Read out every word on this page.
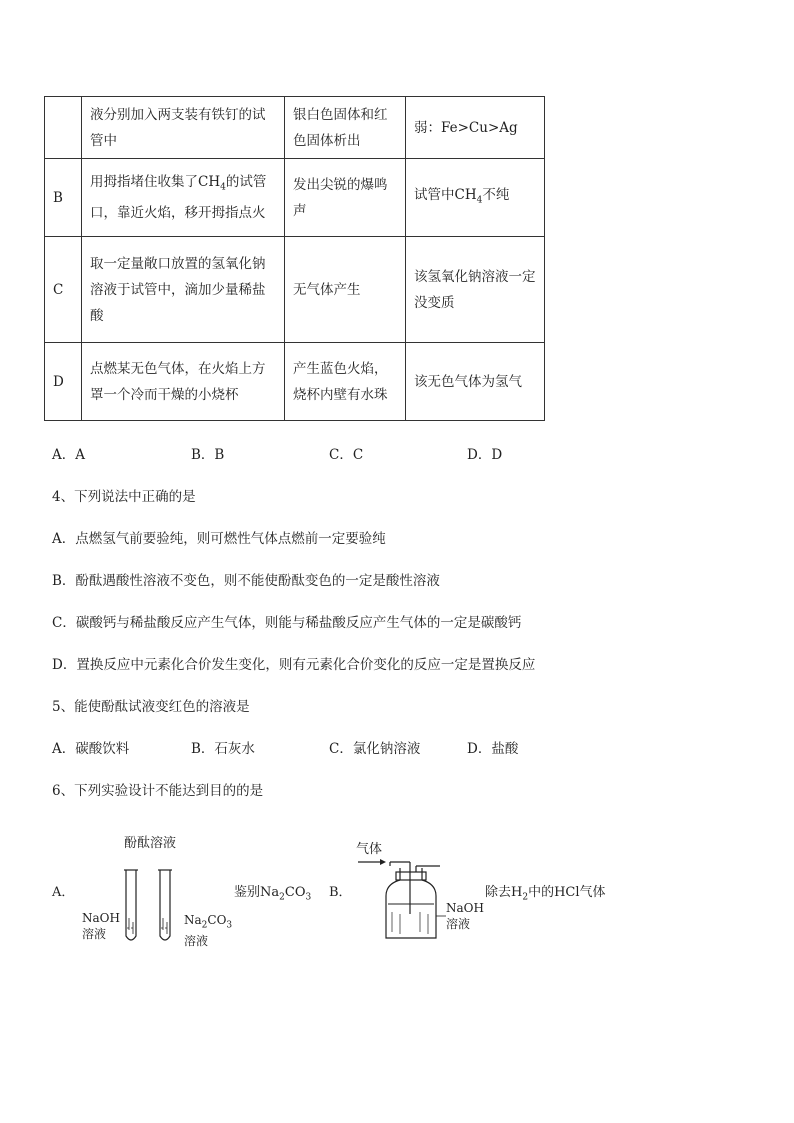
	液分别加入两支装有铁钉的试管中	银白色固体和红色固体析出	弱：Fe>Cu>Ag
B	用拇指堵住收集了$CH_4$的试管口，靠近火焰，移开拇指点火	发出尖锐的爆鸣声	试管中$CH_4$不纯
C	取一定量敞口放置的氢氧化钠溶液于试管中，滴加少量稀盐酸	无气体产生	该氢氧化钠溶液一定没变质
D	点燃某无色气体，在火焰上方罩一个冷而干燥的小烧杯	产生蓝色火焰，烧杯内壁有水珠	该无色气体为氢气
A．A	B．B	C．C	D．D
4、下列说法中正确的是
A．点燃氢气前要验纯，则可燃性气体点燃前一定要验纯
B．酚酞遇酸性溶液不变色，则不能使酚酞变色的一定是酸性溶液
C．碳酸钙与稀盐酸反应产生气体，则能与稀盐酸反应产生气体的一定是碳酸钙
D．置换反应中元素化合价发生变化，则有元素化合价变化的反应一定是置换反应
5、能使酚酞试液变红色的溶液是
A．碳酸饮料	B．石灰水	C．氯化钠溶液	D．盐酸
6、下列实验设计不能达到目的的是
A．
酚酞溶液
NaOH
溶液
$Na_2CO_3$
溶液
鉴别$Na_2CO_3$ B．
气体
NaOH
溶液
除去$H_2$中的HCl气体
